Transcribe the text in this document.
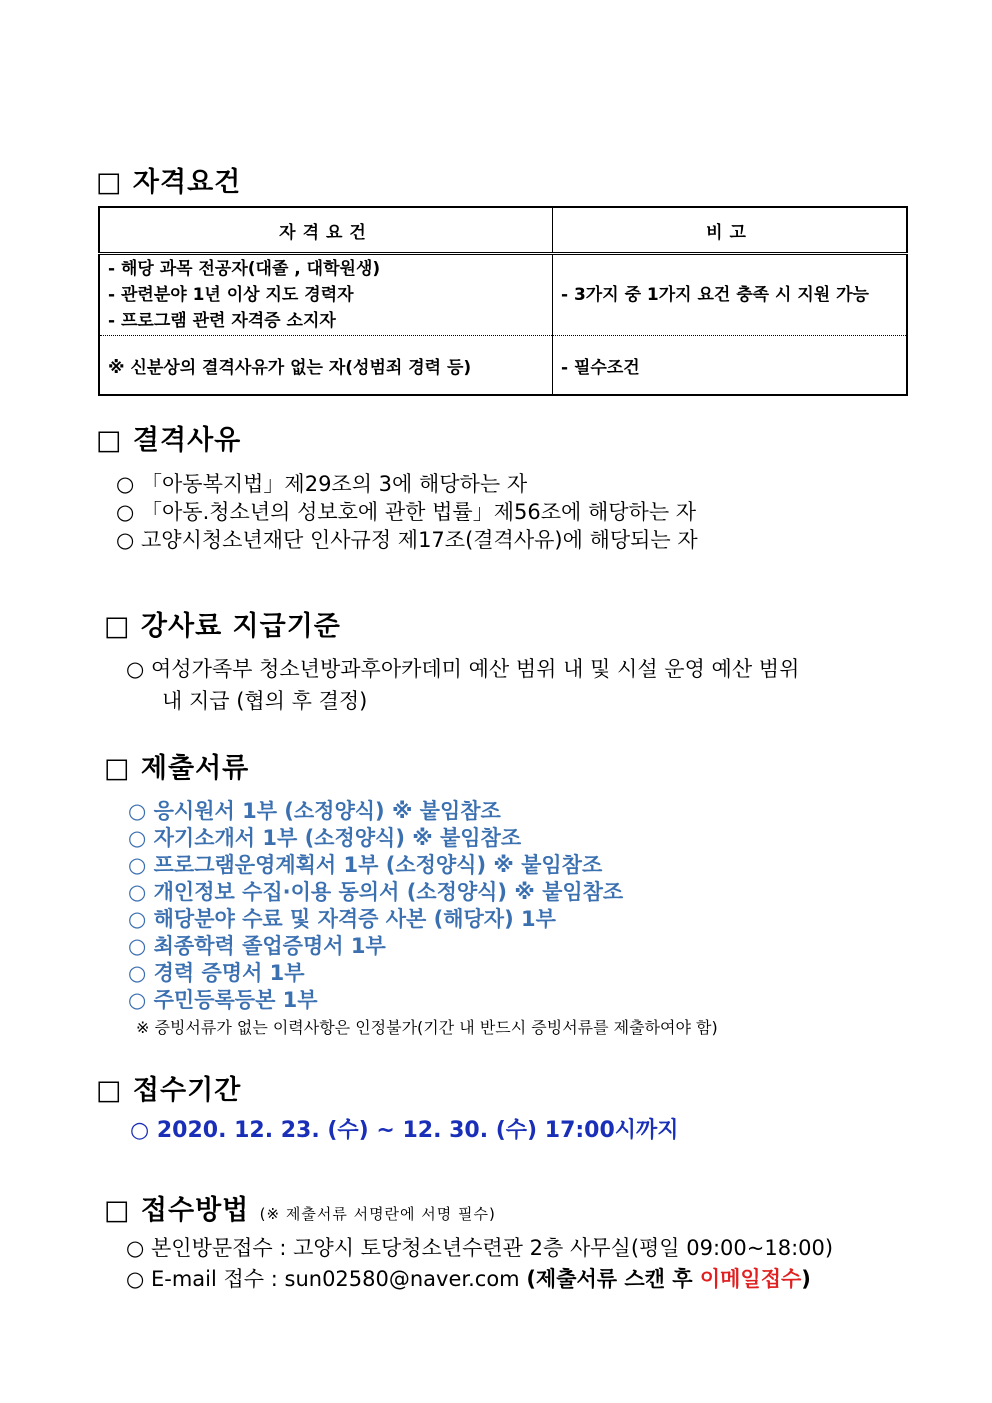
□ 자격요건
자격요건	비고

- 해당 과목 전공자(대졸 , 대학원생)
- 관련분야 1년 이상 지도 경력자
- 프로그램 관련 자격증 소지자	- 3가지 중 1가지 요건 충족 시 지원 가능
※ 신분상의 결격사유가 없는 자(성범죄 경력 등)	- 필수조건
□ 결격사유
○ 「아동복지법」제29조의 3에 해당하는 자
○ 「아동.청소년의 성보호에 관한 법률」제56조에 해당하는 자
○ 고양시청소년재단 인사규정 제17조(결격사유)에 해당되는 자
□ 강사료 지급기준
○ 여성가족부 청소년방과후아카데미 예산 범위 내 및 시설 운영 예산 범위
내 지급 (협의 후 결정)
□ 제출서류
○ 응시원서 1부 (소정양식) ※ 붙임참조
○ 자기소개서 1부 (소정양식) ※ 붙임참조
○ 프로그램운영계획서 1부 (소정양식) ※ 붙임참조
○ 개인정보 수집·이용 동의서 (소정양식) ※ 붙임참조
○ 해당분야 수료 및 자격증 사본 (해당자) 1부
○ 최종학력 졸업증명서 1부
○ 경력 증명서 1부
○ 주민등록등본 1부
※ 증빙서류가 없는 이력사항은 인정불가(기간 내 반드시 증빙서류를 제출하여야 함)
□ 접수기간
○ 2020. 12. 23. (수) ~ 12. 30. (수) 17:00시까지
□ 접수방법 (※ 제출서류 서명란에 서명 필수)
○ 본인방문접수 : 고양시 토당청소년수련관 2층 사무실(평일 09:00~18:00)
○ E-mail 접수 : sun02580@naver.com (제출서류 스캔 후 이메일접수)
